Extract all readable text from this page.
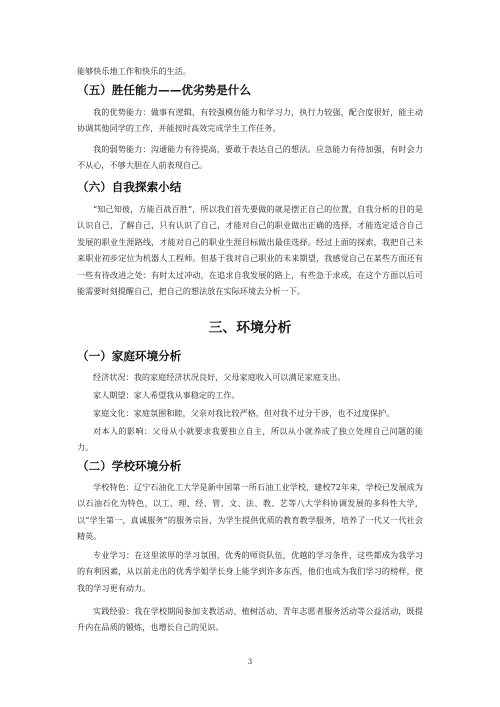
能够快乐地工作和快乐的生活。

（五）胜任能力——优劣势是什么

我的优势能力：做事有逻辑，有较强模仿能力和学习力，执行力较强，配合度很好，能主动协调其他同学的工作，并能按时高效完成学生工作任务。

我的弱势能力：沟通能力有待提高，要敢于表达自己的想法。应急能力有待加强，有时会力不从心，不够大胆在人前表现自己。

（六）自我探索小结

“知己知彼，方能百战百胜”，所以我们首先要做的就是摆正自己的位置，自我分析的目的是认识自己，了解自己，只有认识了自己，才能对自己的职业做出正确的选择，才能选定适合自己发展的职业生涯路线，才能对自己的职业生涯目标做出最佳选择。经过上面的探索，我把自己未来职业初步定位为机器人工程师。但基于我对自己职业的未来期望，我感觉自己在某些方面还有一些有待改进之处：有时太过冲动，在追求自我发展的路上，有些急于求成，在这个方面以后可能需要时刻提醒自己，把自己的想法放在实际环境去分析一下。

三、环境分析
（一）家庭环境分析

经济状况：我的家庭经济状况良好，父母家庭收入可以满足家庭支出。

家人期望：家人希望我从事稳定的工作。

家庭文化：家庭氛围和睦，父亲对我比较严格，但对我不过分干涉，也不过度保护。

对本人的影响：父母从小就要求我要独立自主，所以从小就养成了独立处理自己问题的能力。

（二）学校环境分析

学校特色：辽宁石油化工大学是新中国第一所石油工业学校，建校72年来，学校已发展成为以石油石化为特色，以工、理、经、管、文、法、教、艺等八大学科协调发展的多科性大学，以“学生第一，真诚服务”的服务宗旨，为学生提供优质的教育教学服务，培养了一代又一代社会精英。

专业学习：在这里浓厚的学习氛围，优秀的师资队伍，优越的学习条件，这些都成为我学习的有利因素，从以前走出的优秀学姐学长身上能学到许多东西，他们也成为我们学习的榜样，使我的学习更有动力。

实践经验：我在学校期间参加支教活动、植树活动、青年志愿者服务活动等公益活动，既提升内在品质的锻炼，也增长自己的见识。

3
